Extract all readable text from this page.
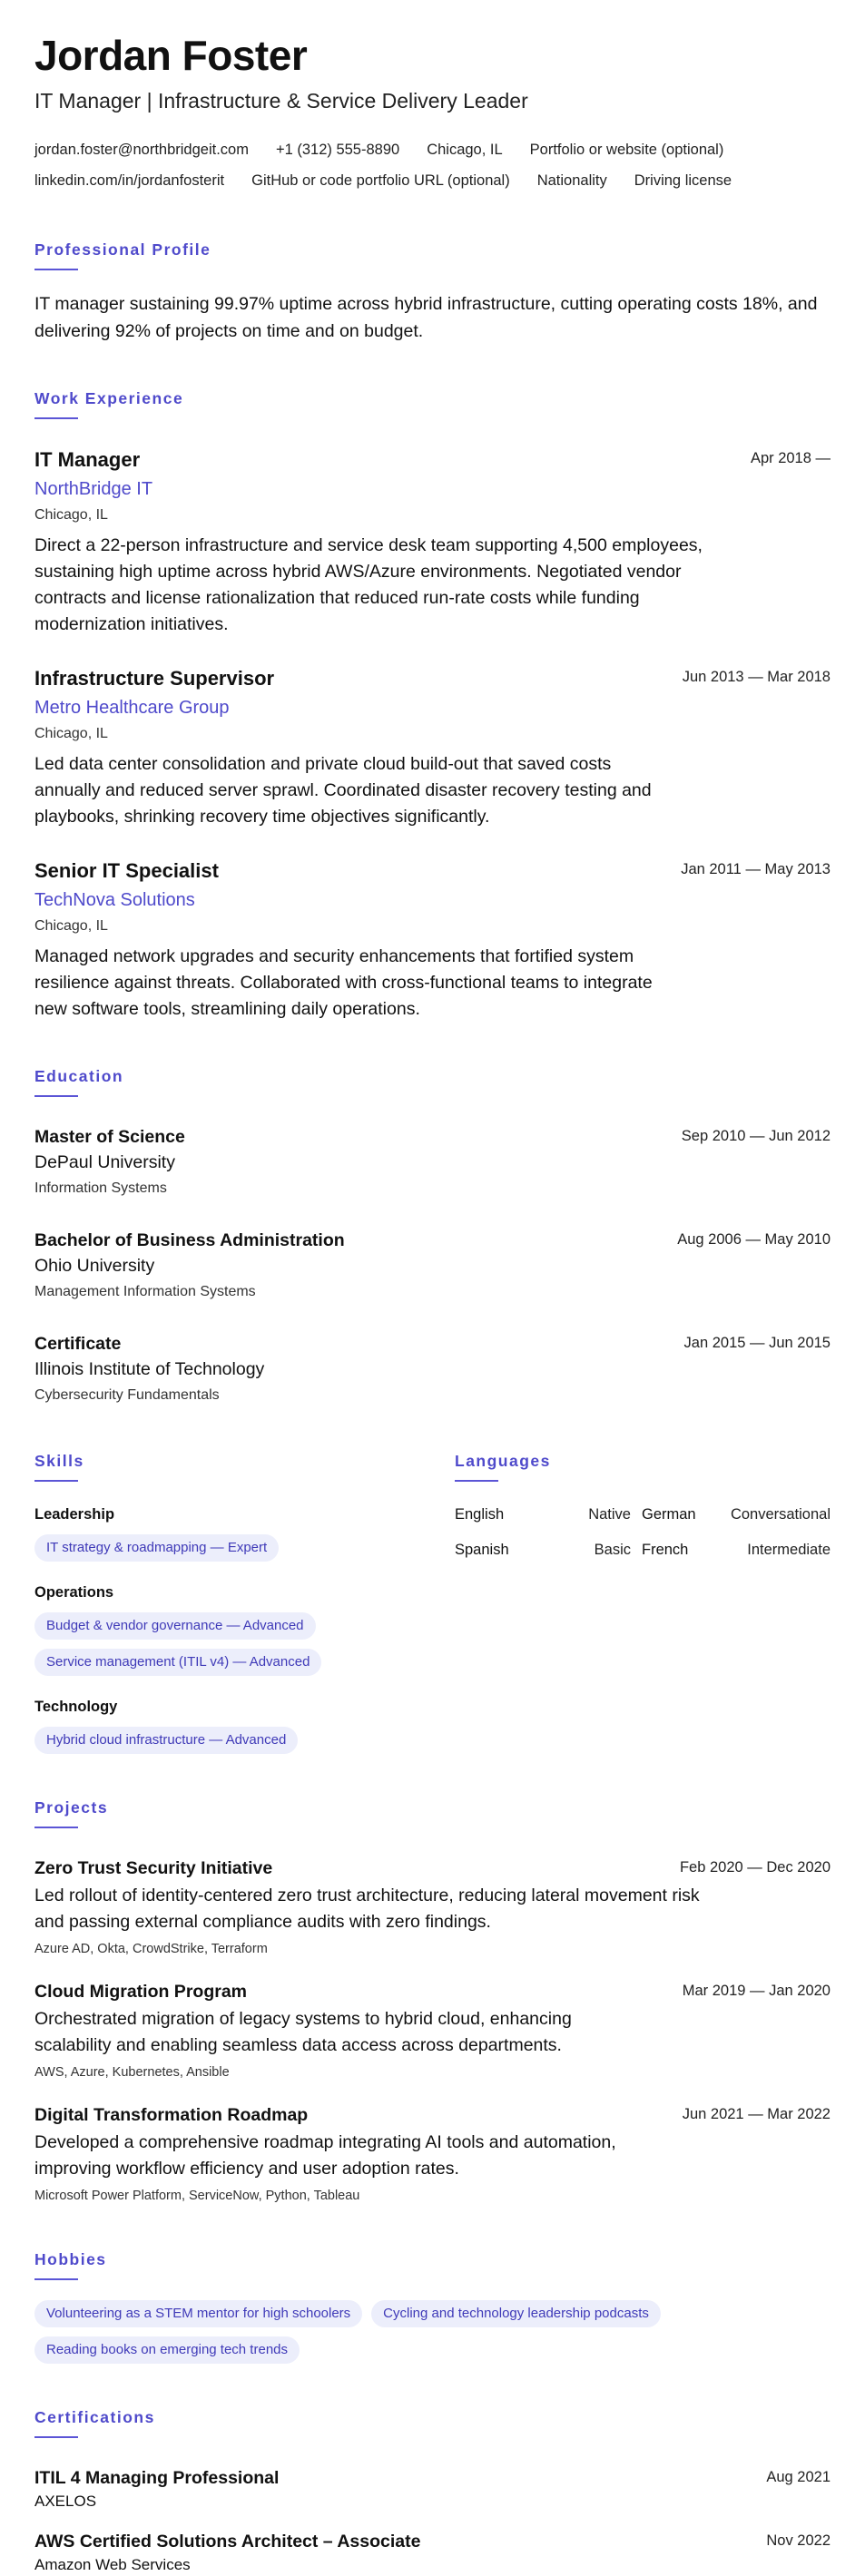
Jordan Foster
IT Manager | Infrastructure & Service Delivery Leader
jordan.foster@northbridgeit.com +1 (312) 555-8890 Chicago, IL Portfolio or website (optional)
linkedin.com/in/jordanfosterit GitHub or code portfolio URL (optional) Nationality Driving license
Professional Profile
IT manager sustaining 99.97% uptime across hybrid infrastructure, cutting operating costs 18%, and delivering 92% of projects on time and on budget.
Work Experience
Apr 2018 —
IT Manager
NorthBridge IT
Chicago, IL
Direct a 22-person infrastructure and service desk team supporting 4,500 employees, sustaining high uptime across hybrid AWS/Azure environments. Negotiated vendor contracts and license rationalization that reduced run-rate costs while funding modernization initiatives.
Jun 2013 — Mar 2018
Infrastructure Supervisor
Metro Healthcare Group
Chicago, IL
Led data center consolidation and private cloud build-out that saved costs annually and reduced server sprawl. Coordinated disaster recovery testing and playbooks, shrinking recovery time objectives significantly.
Jan 2011 — May 2013
Senior IT Specialist
TechNova Solutions
Chicago, IL
Managed network upgrades and security enhancements that fortified system resilience against threats. Collaborated with cross-functional teams to integrate new software tools, streamlining daily operations.
Education
Sep 2010 — Jun 2012
Master of Science
DePaul University
Information Systems
Aug 2006 — May 2010
Bachelor of Business Administration
Ohio University
Management Information Systems
Jan 2015 — Jun 2015
Certificate
Illinois Institute of Technology
Cybersecurity Fundamentals
Skills
Leadership
IT strategy & roadmapping — Expert
Operations
Budget & vendor governance — Advanced
Service management (ITIL v4) — Advanced
Technology
Hybrid cloud infrastructure — Advanced
Languages
English	Native German	Conversational
Spanish	Basic French	Intermediate
Projects
Feb 2020 — Dec 2020
Zero Trust Security Initiative
Led rollout of identity-centered zero trust architecture, reducing lateral movement risk and passing external compliance audits with zero findings.
Azure AD, Okta, CrowdStrike, Terraform
Mar 2019 — Jan 2020
Cloud Migration Program
Orchestrated migration of legacy systems to hybrid cloud, enhancing scalability and enabling seamless data access across departments.
AWS, Azure, Kubernetes, Ansible
Jun 2021 — Mar 2022
Digital Transformation Roadmap
Developed a comprehensive roadmap integrating AI tools and automation, improving workflow efficiency and user adoption rates.
Microsoft Power Platform, ServiceNow, Python, Tableau
Hobbies
Volunteering as a STEM mentor for high schoolers	Cycling and technology leadership podcasts
Reading books on emerging tech trends
Certifications
Aug 2021
ITIL 4 Managing Professional
AXELOS
Nov 2022
AWS Certified Solutions Architect – Associate
Amazon Web Services
